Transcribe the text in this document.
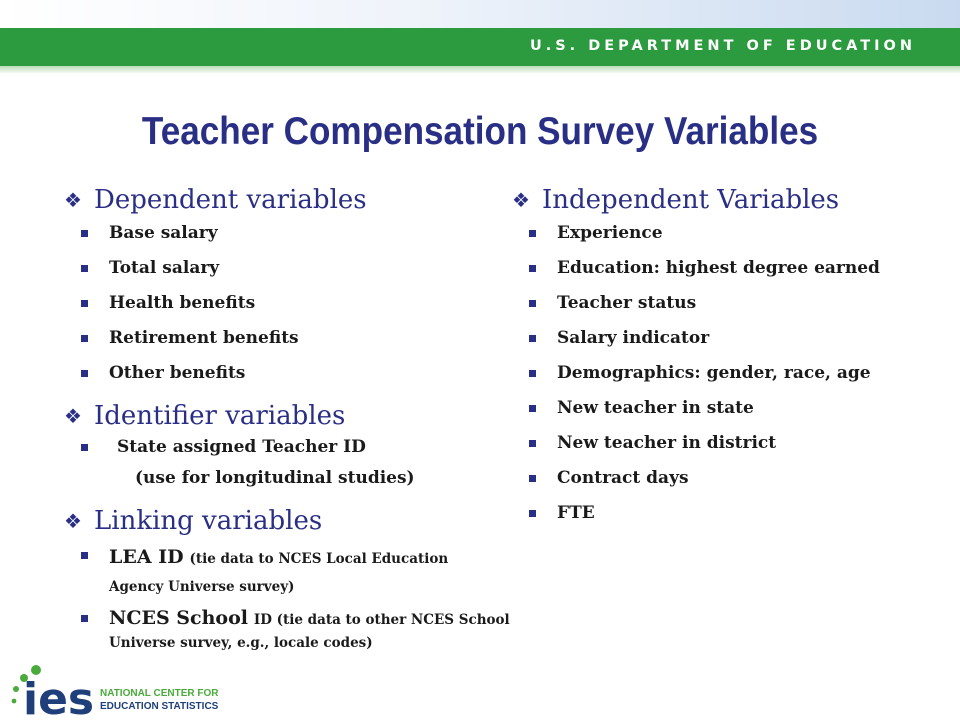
U.S. DEPARTMENT OF EDUCATION
Teacher Compensation Survey Variables
❖ Dependent variables
Base salary
Total salary
Health benefits
Retirement benefits
Other benefits
❖ Identifier variables
State assigned Teacher ID
(use for longitudinal studies)
❖ Linking variables
LEA ID (tie data to NCES Local Education Agency Universe survey)
NCES School ID (tie data to other NCES School Universe survey, e.g., locale codes)
❖ Independent Variables
Experience
Education: highest degree earned
Teacher status
Salary indicator
Demographics: gender, race, age
New teacher in state
New teacher in district
Contract days
FTE
ies NATIONAL CENTER FOR
EDUCATION STATISTICS
